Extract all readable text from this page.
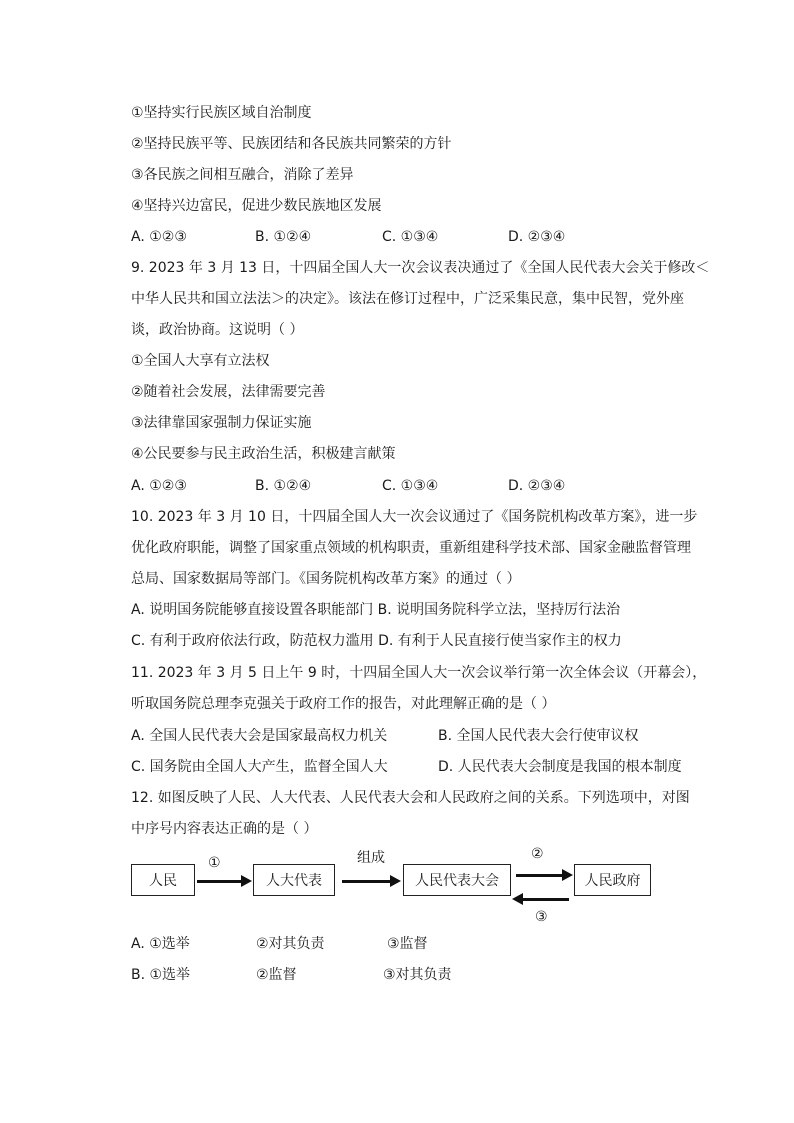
①坚持实行民族区域自治制度
②坚持民族平等、民族团结和各民族共同繁荣的方针
③各民族之间相互融合，消除了差异
④坚持兴边富民，促进少数民族地区发展
A. ①②③	B. ①②④	C. ①③④	D. ②③④
9. 2023 年 3 月 13 日，十四届全国人大一次会议表决通过了《全国人民代表大会关于修改＜
中华人民共和国立法法＞的决定》。该法在修订过程中，广泛采集民意，集中民智，党外座
谈，政治协商。这说明（ ）
①全国人大享有立法权
②随着社会发展，法律需要完善
③法律靠国家强制力保证实施
④公民要参与民主政治生活，积极建言献策
A. ①②③	B. ①②④	C. ①③④	D. ②③④
10. 2023 年 3 月 10 日，十四届全国人大一次会议通过了《国务院机构改革方案》，进一步
优化政府职能，调整了国家重点领域的机构职责，重新组建科学技术部、国家金融监督管理
总局、国家数据局等部门。《国务院机构改革方案》的通过（ ）
A. 说明国务院能够直接设置各职能部门 B. 说明国务院科学立法，坚持厉行法治
C. 有利于政府依法行政，防范权力滥用 D. 有利于人民直接行使当家作主的权力
11. 2023 年 3 月 5 日上午 9 时，十四届全国人大一次会议举行第一次全体会议（开幕会），
听取国务院总理李克强关于政府工作的报告，对此理解正确的是（ ）
A. 全国人民代表大会是国家最高权力机关	B. 全国人民代表大会行使审议权
C. 国务院由全国人大产生，监督全国人大	D. 人民代表大会制度是我国的根本制度
12. 如图反映了人民、人大代表、人民代表大会和人民政府之间的关系。下列选项中，对图
中序号内容表达正确的是（ ）
人民	人大代表	人民代表大会	人民政府
①	组成	②
③
A. ①选举	②对其负责	③监督
B. ①选举	②监督	③对其负责
